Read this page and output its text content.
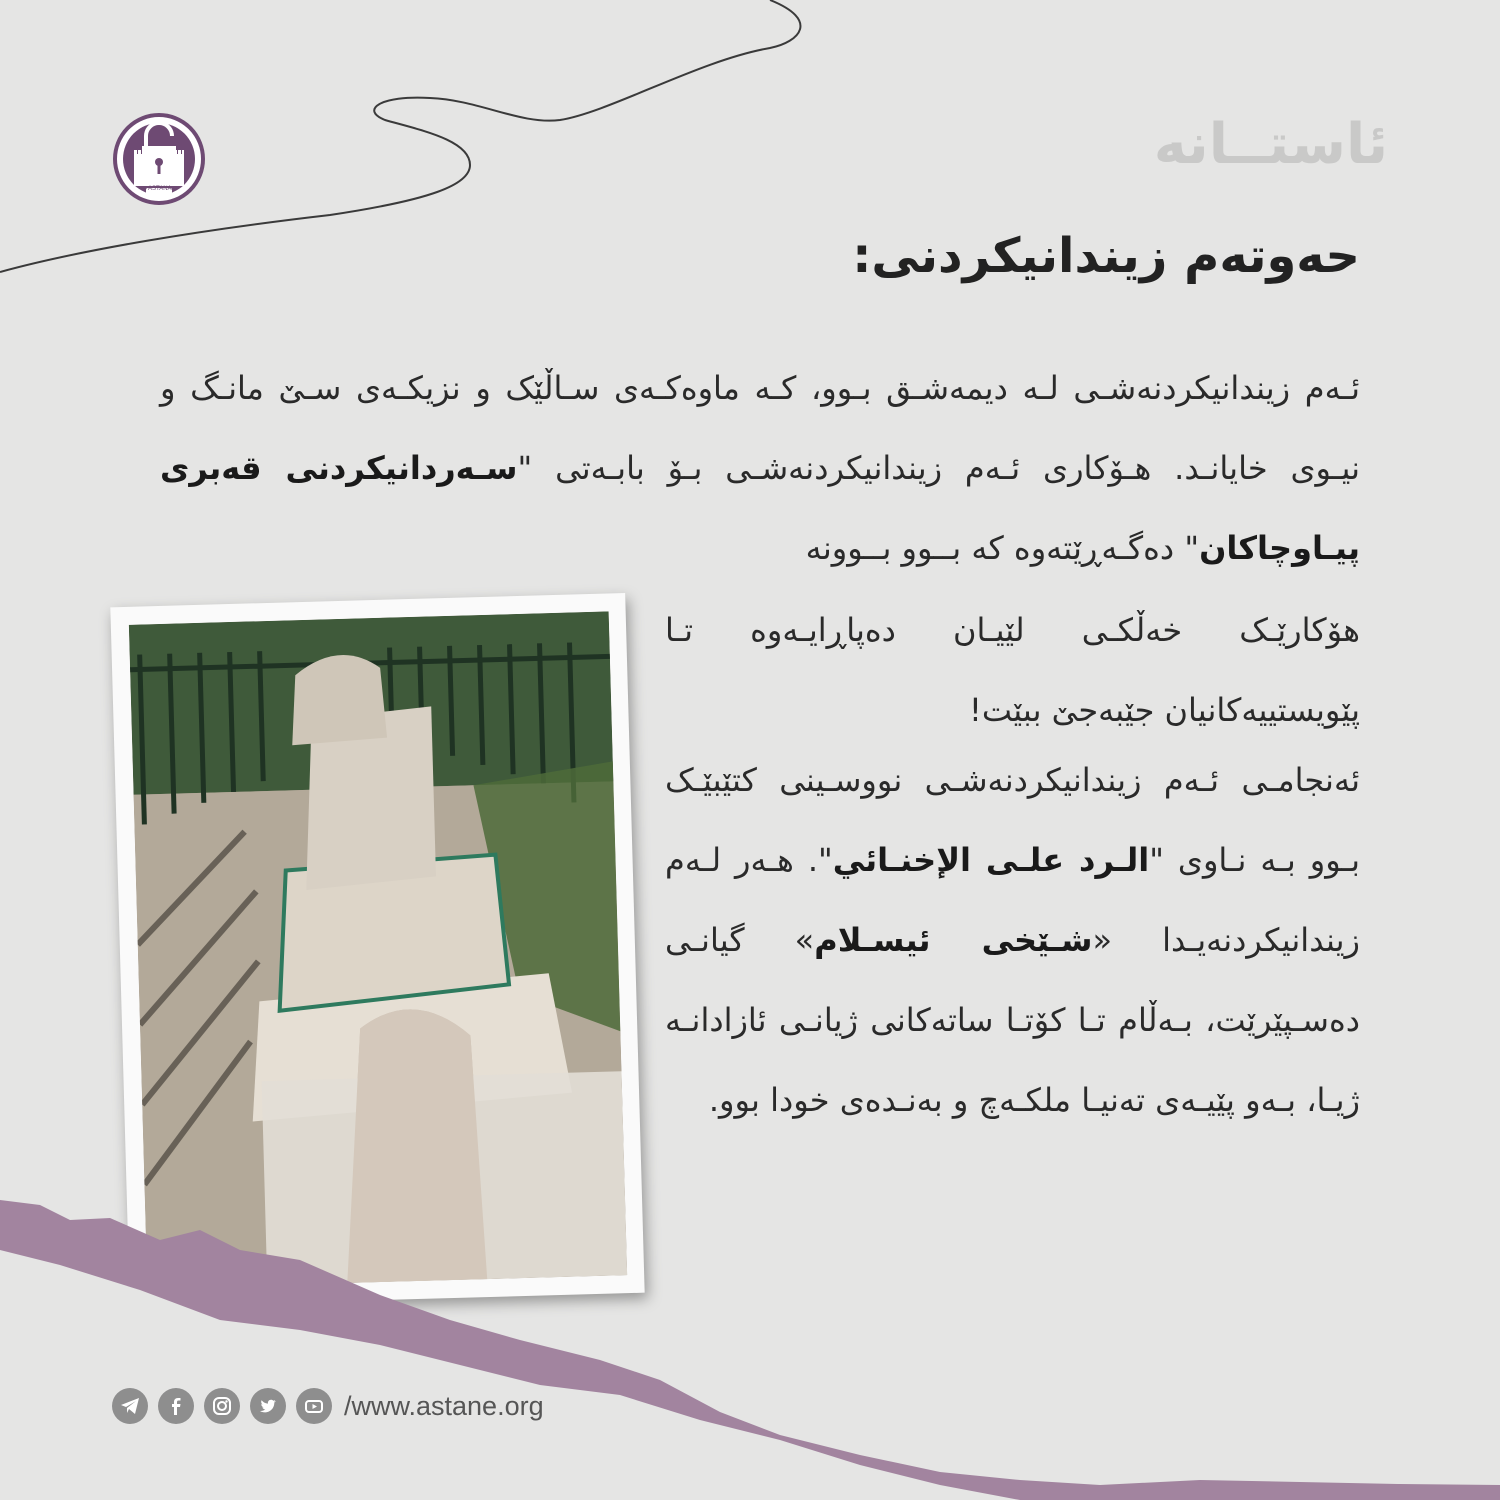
ASTANA
ئاستــانه
حەوتەم زیندانیکردنی:

ئـەم زیندانیکردنەشـی لـە دیمەشـق بـوو، کـە ماوەکـەی سـاڵێک و نزیکـەی سـێ مانـگ و نیـوی خایانـد. هـۆکاری ئـەم زیندانیکردنەشـی بـۆ بابـەتی "سـەردانیکردنی قەبری پیـاوچاکان" دەگـەڕێتەوە کە بــوو بــوونە

هۆکارێـک خەڵکـی لێیـان دەپاڕایـەوە تـا پێویستییەکانیان جێبەجێ ببێت!

ئەنجامـی ئـەم زیندانیکردنەشـی نووسـینی کتێبێـک بـوو بـە نـاوی "الـرد علـى الإخنـائي". هـەر لـەم زیندانیکردنەیـدا «شـێخی ئیسـلام» گیانـی دەسـپێرێت، بـەڵام تـا کۆتـا ساتەکانی ژیانـی ئازادانـە ژیـا، بـەو پێیـەی تەنیـا ملکـەچ و بەنـدەی خودا بوو.

/www.astane.org
